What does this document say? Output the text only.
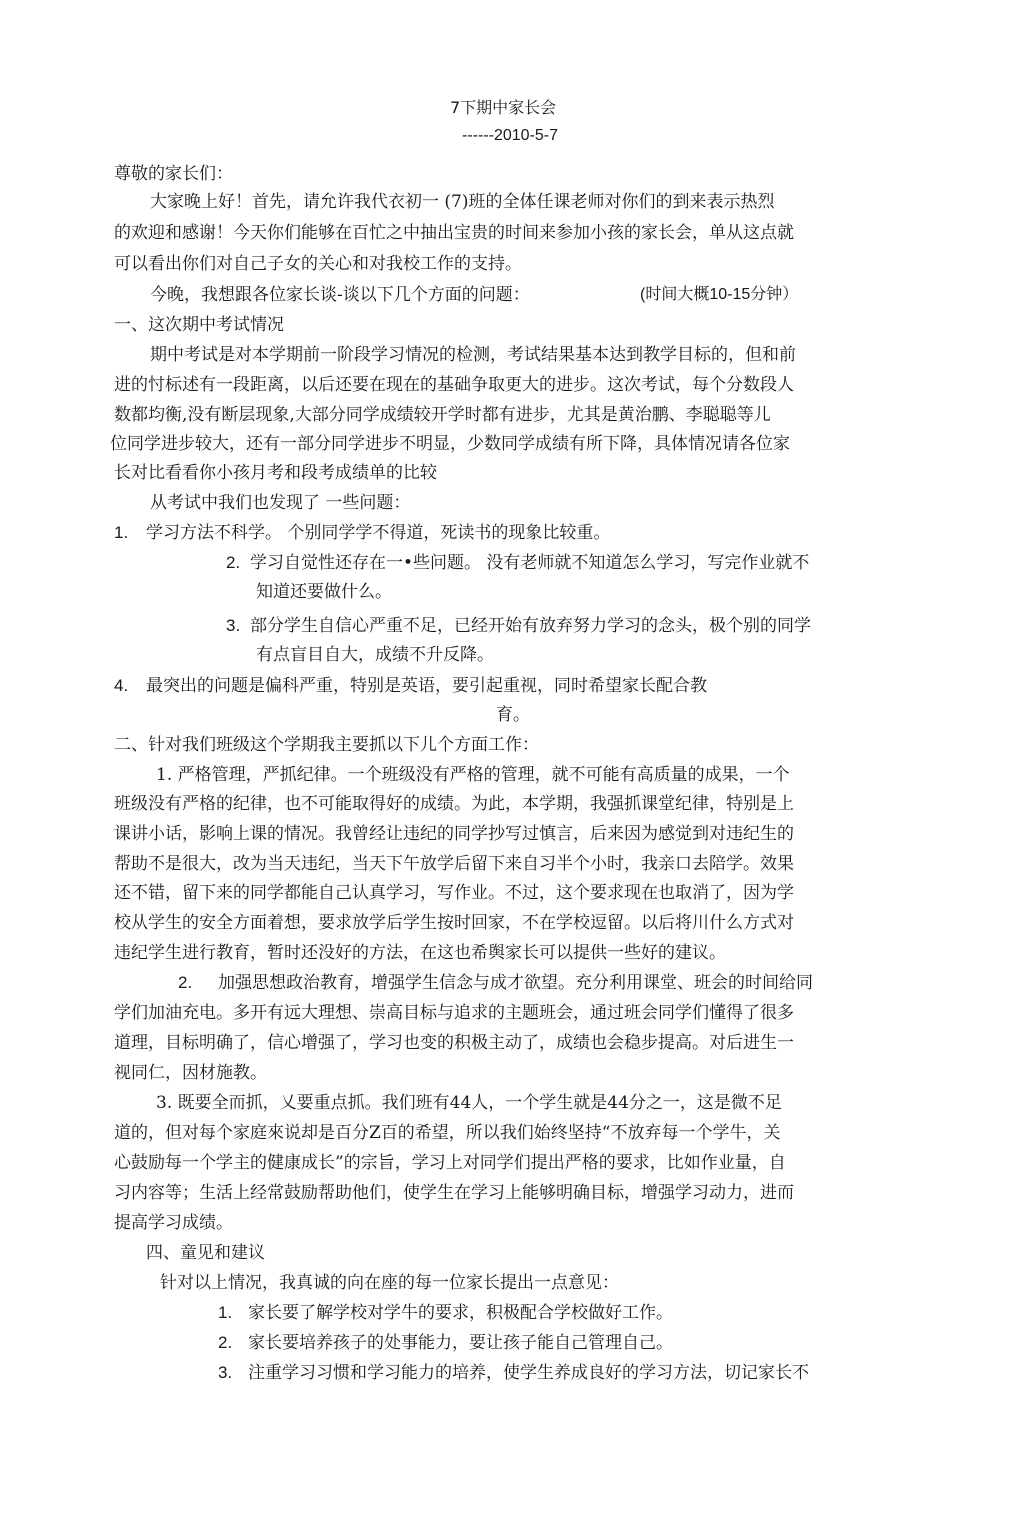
7下期中家长会
------2010-5-7
尊敬的家长们：
大家晚上好！首先，请允许我代衣初一 (7)班的全体任课老师对你们的到来表示热烈
的欢迎和感谢！今天你们能够在百忙之中抽出宝贵的时间来参加小孩的家长会，单从这点就
可以看出你们对自己子女的关心和对我校工作的支持。
今晚，我想跟各位家长谈-谈以下几个方面的问题：	(时间大概10-15分钟）
一、这次期中考试情况
期中考试是对本学期前一阶段学习情况的检测，考试结果基本达到教学目标的，但和前
进的忖标述有一段距离，以后还要在现在的基础争取更大的进步。这次考试，每个分数段人
数都均衡,没有断层现象,大部分同学成绩较开学时都有进步，尤其是黄治鹏、李聪聪等儿
位同学进步较大，还有一部分同学进步不明显，少数同学成绩有所下降，具体情况请各位家
长对比看看你小孩月考和段考成绩单的比较
从考试中我们也发现了 一些问题：
1. 学习方法不科学。 个别同学学不得道，死读书的现象比较重。
2. 学习自觉性还存在一•些问题。 没有老师就不知道怎么学习，写完作业就不
知道还要做什么。
3. 部分学生自信心严重不足，已经开始有放弃努力学习的念头，极个别的同学
有点盲目自大，成绩不升反降。
4. 最突出的问题是偏科严重，特别是英语，要引起重视，同时希望家长配合教
育。
二、针对我们班级这个学期我主要抓以下儿个方面工作：
1. 严格管理，严抓纪律。一个班级没有严格的管理，就不可能有高质量的成果，一个
班级没有严格的纪律，也不可能取得好的成绩。为此，本学期，我强抓课堂纪律，特别是上
课讲小话，影响上课的情况。我曾经让违纪的同学抄写过慎言，后来因为感觉到对违纪生的
帮助不是很大，改为当天违纪，当天下午放学后留下来自习半个小时，我亲口去陪学。效果
还不错，留下来的同学都能自己认真学习，写作业。不过，这个要求现在也取消了，因为学
校从学生的安全方面着想，要求放学后学生按时回家，不在学校逗留。以后将川什么方式对
违纪学生进行教育，暂时还没好的方法，在这也希舆家长可以提供一些好的建议。
2. 加强思想政治教育，增强学生信念与成才欲望。充分利用课堂、班会的时间给同
学们加油充电。多开有远大理想、崇高目标与追求的主题班会，通过班会同学们懂得了很多
道理，目标明确了，信心增强了，学习也变的积极主动了，成绩也会稳步提高。对后进生一
视同仁，因材施教。
3. 既要全而抓，乂要重点抓。我们班有44人，一个学生就是44分之一，这是微不足
道的，但对每个家庭來说却是百分Z百的希望，所以我们始终坚持“不放弃每一个学牛，关
心鼓励每一个学主的健康成长”的宗旨，学习上对同学们提出严格的要求，比如作业量，自
习内容等；生活上经常鼓励帮助他们，使学生在学习上能够明确目标，增强学习动力，进而
提高学习成绩。
四、童见和建议
针对以上情况，我真诚的向在座的每一位家长提出一点意见：
1. 家长要了解学校对学牛的要求，积极配合学校做好工作。
2. 家长要培养孩子的处事能力，要让孩子能自己管理自己。
3. 注重学习习惯和学习能力的培养，使学生养成良好的学习方法，切记家长不
